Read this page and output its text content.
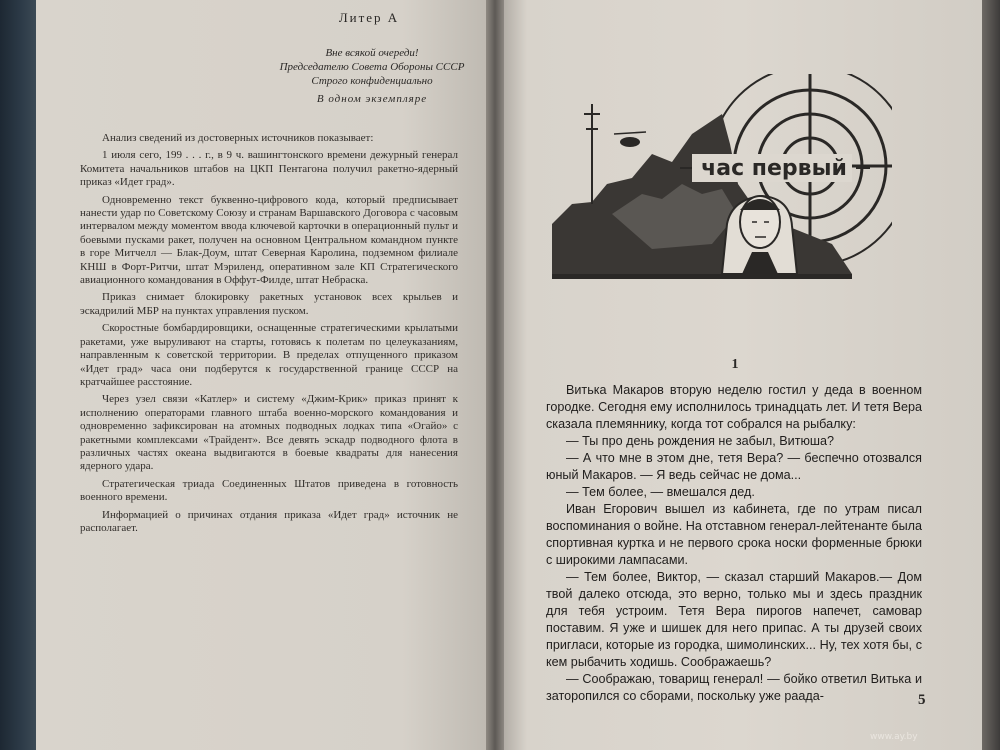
Литер А
Вне всякой очереди!
Председателю Совета Обороны СССР
Строго конфиденциально
В одном экземпляре

Анализ сведений из достоверных источников показывает:

1 июля сего, 199 . . . г., в 9 ч. вашингтонского времени дежурный генерал Комитета начальников штабов на ЦКП Пентагона получил ракетно-ядерный приказ «Идет град».

Одновременно текст буквенно-цифрового кода, который предписывает нанести удар по Советскому Союзу и странам Варшавского Договора с часовым интервалом между моментом ввода ключевой карточки в операционный пульт и боевыми пусками ракет, получен на основном Центральном командном пункте в горе Митчелл — Блак-Доум, штат Северная Каролина, подземном филиале КНШ в Форт-Ритчи, штат Мэриленд, оперативном зале КП Стратегического авиационного командования в Оффут-Филде, штат Небраска.

Приказ снимает блокировку ракетных установок всех крыльев и эскадрилий МБР на пунктах управления пуском.

Скоростные бомбардировщики, оснащенные стратегическими крылатыми ракетами, уже выруливают на старты, готовясь к полетам по целеуказаниям, направленным к советской территории. В пределах отпущенного приказом «Идет град» часа они подберутся к государственной границе СССР на кратчайшее расстояние.

Через узел связи «Катлер» и систему «Джим-Крик» приказ принят к исполнению операторами главного штаба военно-морского командования и одновременно зафиксирован на атомных подводных лодках типа «Огайо» с ракетными комплексами «Трайдент». Все девять эскадр подводного флота в различных частях океана выдвигаются в боевые квадраты для нанесения ядерного удара.

Стратегическая триада Соединенных Штатов приведена в готовность военного времени.

Информацией о причинах отдания приказа «Идет град» источник не располагает.

час первый
1

Витька Макаров вторую неделю гостил у деда в военном городке. Сегодня ему исполнилось тринадцать лет. И тетя Вера сказала племяннику, когда тот собрался на рыбалку:

— Ты про день рождения не забыл, Витюша?

— А что мне в этом дне, тетя Вера? — беспечно отозвался юный Макаров. — Я ведь сейчас не дома...

— Тем более, — вмешался дед.

Иван Егорович вышел из кабинета, где по утрам писал воспоминания о войне. На отставном генерал-лейтенанте была спортивная куртка и не первого срока носки форменные брюки с широкими лампасами.

— Тем более, Виктор, — сказал старший Макаров.— Дом твой далеко отсюда, это верно, только мы и здесь праздник для тебя устроим. Тетя Вера пирогов напечет, самовар поставим. Я уже и шишек для него припас. А ты друзей своих пригласи, которые из городка, шимолинских... Ну, тех хотя бы, с кем рыбачить ходишь. Соображаешь?

— Соображаю, товарищ генерал! — бойко ответил Витька и заторопился со сборами, поскольку уже раада-	5
www.ay.by
